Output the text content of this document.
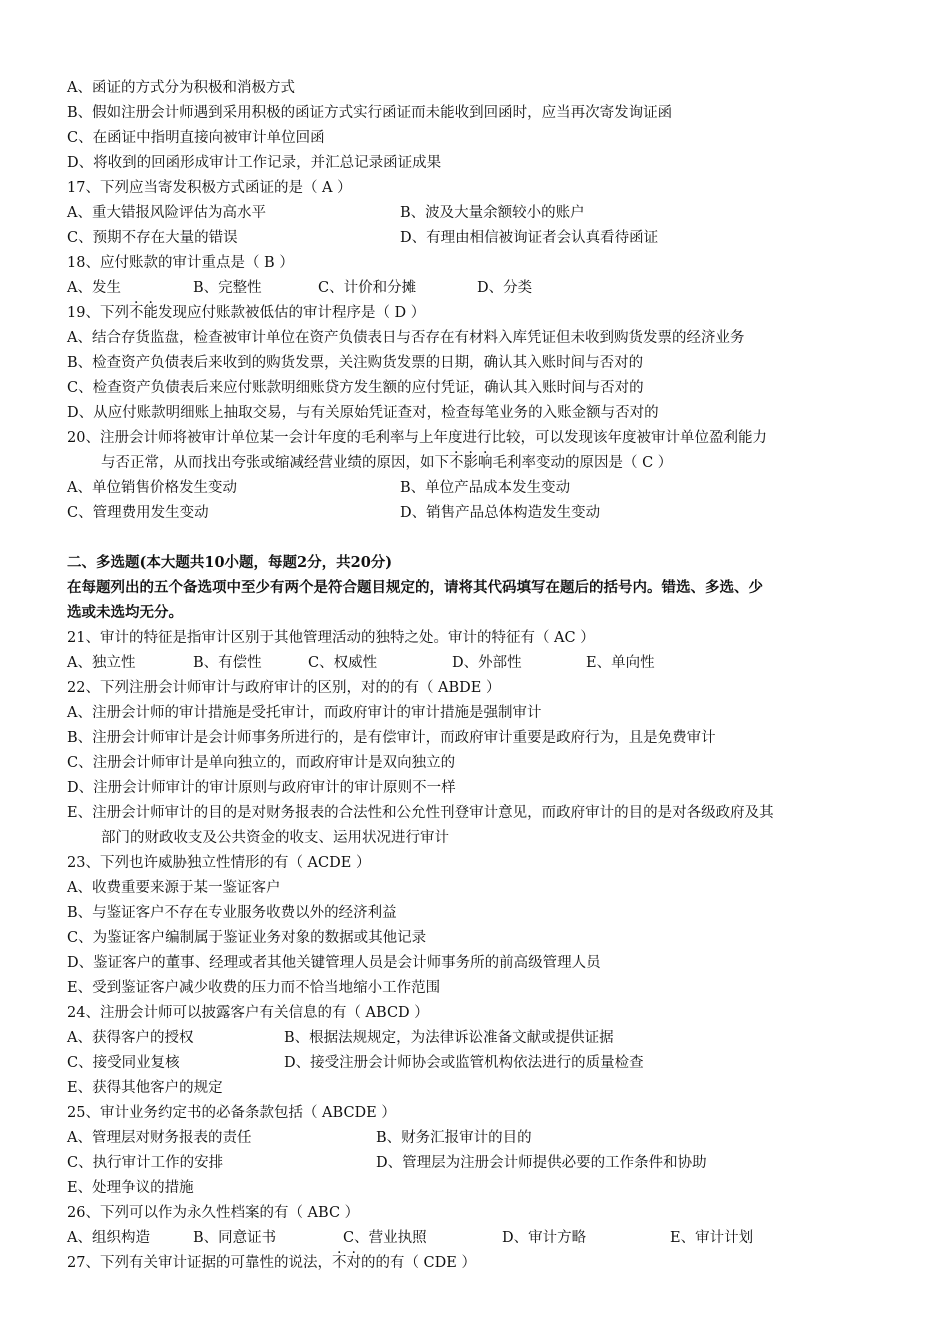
A、函证的方式分为积极和消极方式
B、假如注册会计师遇到采用积极的函证方式实行函证而未能收到回函时，应当再次寄发询证函
C、在函证中指明直接向被审计单位回函
D、将收到的回函形成审计工作记录，并汇总记录函证成果
17、下列应当寄发积极方式函证的是（ A ）
A、重大错报风险评估为高水平	B、波及大量余额较小的账户
C、预期不存在大量的错误	D、有理由相信被询证者会认真看待函证
18、应付账款的审计重点是（ B ）
A、发生	B、完整性	C、计价和分摊	D、分类
19、下列不能发现应付账款被低估的审计程序是（ D ）
A、结合存货监盘，检查被审计单位在资产负债表日与否存在有材料入库凭证但未收到购货发票的经济业务
B、检查资产负债表后来收到的购货发票，关注购货发票的日期，确认其入账时间与否对的
C、检查资产负债表后来应付账款明细账贷方发生额的应付凭证，确认其入账时间与否对的
D、从应付账款明细账上抽取交易，与有关原始凭证查对，检查每笔业务的入账金额与否对的
20、注册会计师将被审计单位某一会计年度的毛利率与上年度进行比较，可以发现该年度被审计单位盈利能力
与否正常，从而找出夸张或缩减经营业绩的原因，如下不影响毛利率变动的原因是（ C ）
A、单位销售价格发生变动	B、单位产品成本发生变动
C、管理费用发生变动	D、销售产品总体构造发生变动
二、多选题(本大题共10小题，每题2分，共20分)
在每题列出的五个备选项中至少有两个是符合题目规定的，请将其代码填写在题后的括号内。错选、多选、少
选或未选均无分。
21、审计的特征是指审计区别于其他管理活动的独特之处。审计的特征有（ AC ）
A、独立性	B、有偿性	C、权威性	D、外部性	E、单向性
22、下列注册会计师审计与政府审计的区别，对的的有（ ABDE ）
A、注册会计师的审计措施是受托审计，而政府审计的审计措施是强制审计
B、注册会计师审计是会计师事务所进行的，是有偿审计，而政府审计重要是政府行为，且是免费审计
C、注册会计师审计是单向独立的，而政府审计是双向独立的
D、注册会计师审计的审计原则与政府审计的审计原则不一样
E、注册会计师审计的目的是对财务报表的合法性和公允性刊登审计意见，而政府审计的目的是对各级政府及其
部门的财政收支及公共资金的收支、运用状况进行审计
23、下列也许威胁独立性情形的有（ ACDE ）
A、收费重要来源于某一鉴证客户
B、与鉴证客户不存在专业服务收费以外的经济利益
C、为鉴证客户编制属于鉴证业务对象的数据或其他记录
D、鉴证客户的董事、经理或者其他关键管理人员是会计师事务所的前高级管理人员
E、受到鉴证客户减少收费的压力而不恰当地缩小工作范围
24、注册会计师可以披露客户有关信息的有（ ABCD ）
A、获得客户的授权	B、根据法规规定，为法律诉讼准备文献或提供证据
C、接受同业复核	D、接受注册会计师协会或监管机构依法进行的质量检查
E、获得其他客户的规定
25、审计业务约定书的必备条款包括（ ABCDE ）
A、管理层对财务报表的责任	B、财务汇报审计的目的
C、执行审计工作的安排	D、管理层为注册会计师提供必要的工作条件和协助
E、处理争议的措施
26、下列可以作为永久性档案的有（ ABC ）
A、组织构造	B、同意证书	C、营业执照	D、审计方略	E、审计计划
27、下列有关审计证据的可靠性的说法，不对的的有（ CDE ）
